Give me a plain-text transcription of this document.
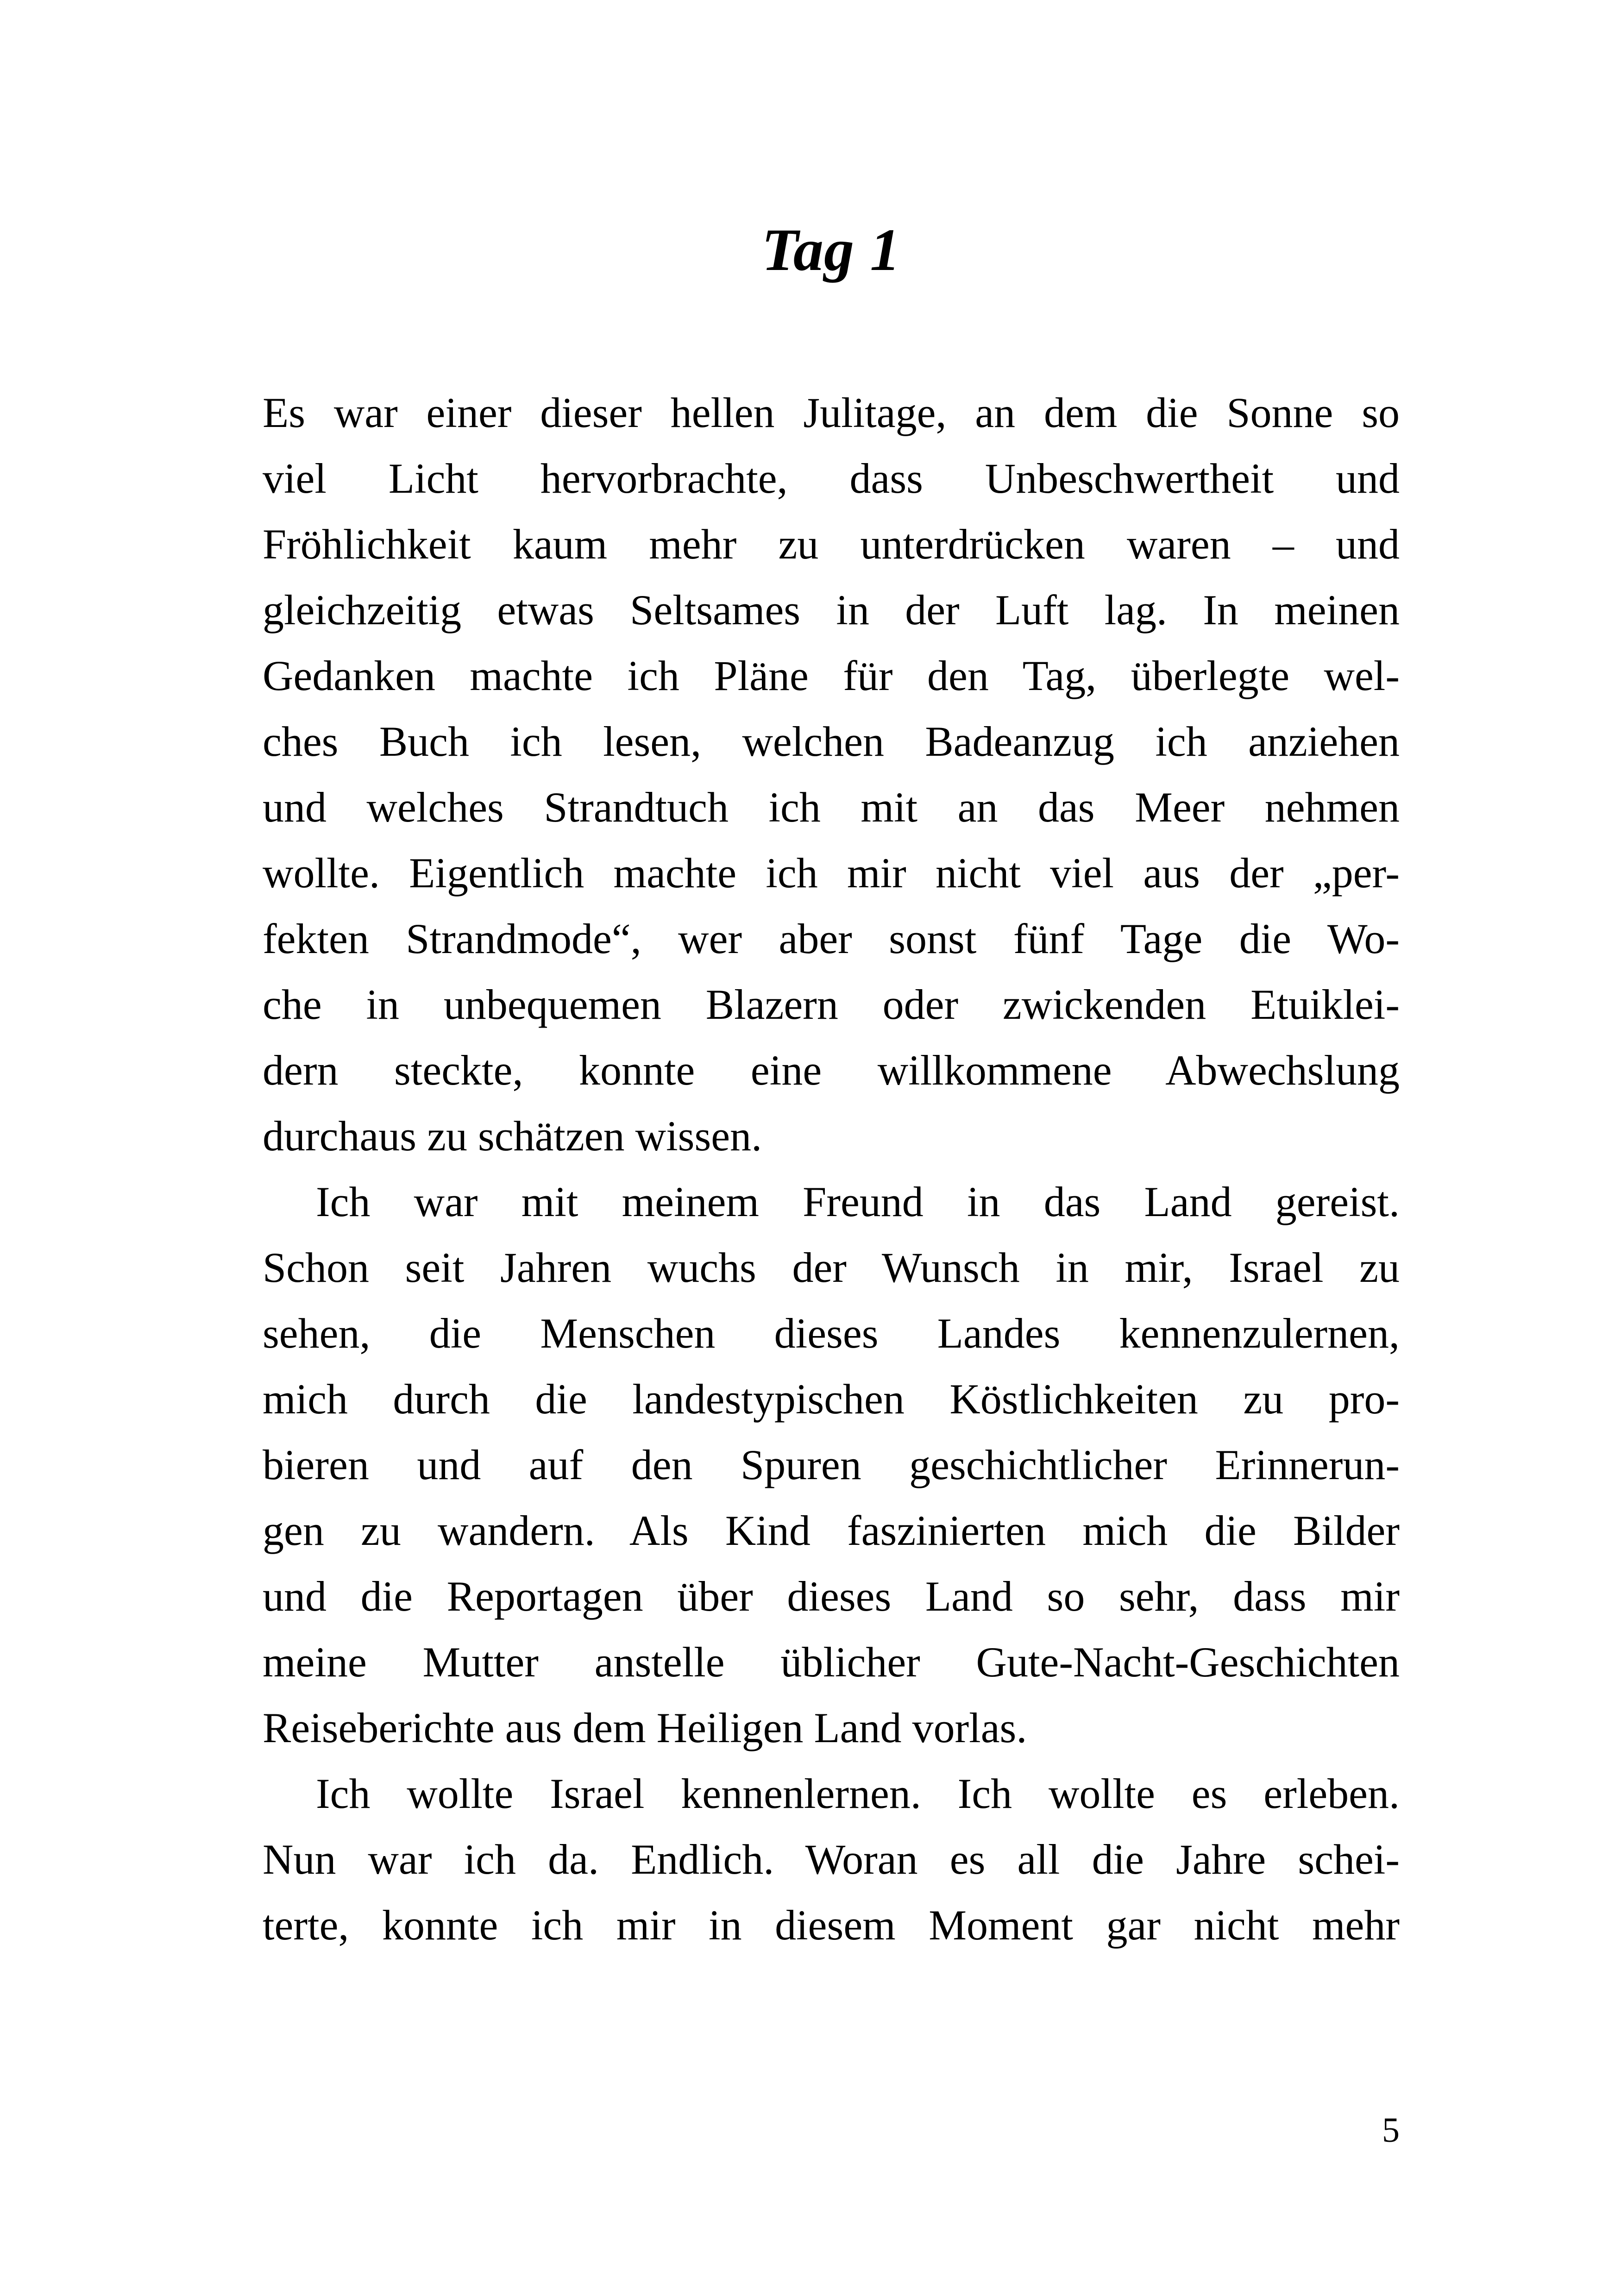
Tag 1
Es war einer dieser hellen Julitage, an dem die Sonne so
viel Licht hervorbrachte, dass Unbeschwertheit und
Fröhlichkeit kaum mehr zu unterdrücken waren – und
gleichzeitig etwas Seltsames in der Luft lag. In meinen
Gedanken machte ich Pläne für den Tag, überlegte wel-
ches Buch ich lesen, welchen Badeanzug ich anziehen
und welches Strandtuch ich mit an das Meer nehmen
wollte. Eigentlich machte ich mir nicht viel aus der „per-
fekten Strandmode“, wer aber sonst fünf Tage die Wo-
che in unbequemen Blazern oder zwickenden Etuiklei-
dern steckte, konnte eine willkommene Abwechslung
durchaus zu schätzen wissen.
Ich war mit meinem Freund in das Land gereist.
Schon seit Jahren wuchs der Wunsch in mir, Israel zu
sehen, die Menschen dieses Landes kennenzulernen,
mich durch die landestypischen Köstlichkeiten zu pro-
bieren und auf den Spuren geschichtlicher Erinnerun-
gen zu wandern. Als Kind faszinierten mich die Bilder
und die Reportagen über dieses Land so sehr, dass mir
meine Mutter anstelle üblicher Gute-Nacht-Geschichten
Reiseberichte aus dem Heiligen Land vorlas.
Ich wollte Israel kennenlernen. Ich wollte es erleben.
Nun war ich da. Endlich. Woran es all die Jahre schei-
terte, konnte ich mir in diesem Moment gar nicht mehr
5
